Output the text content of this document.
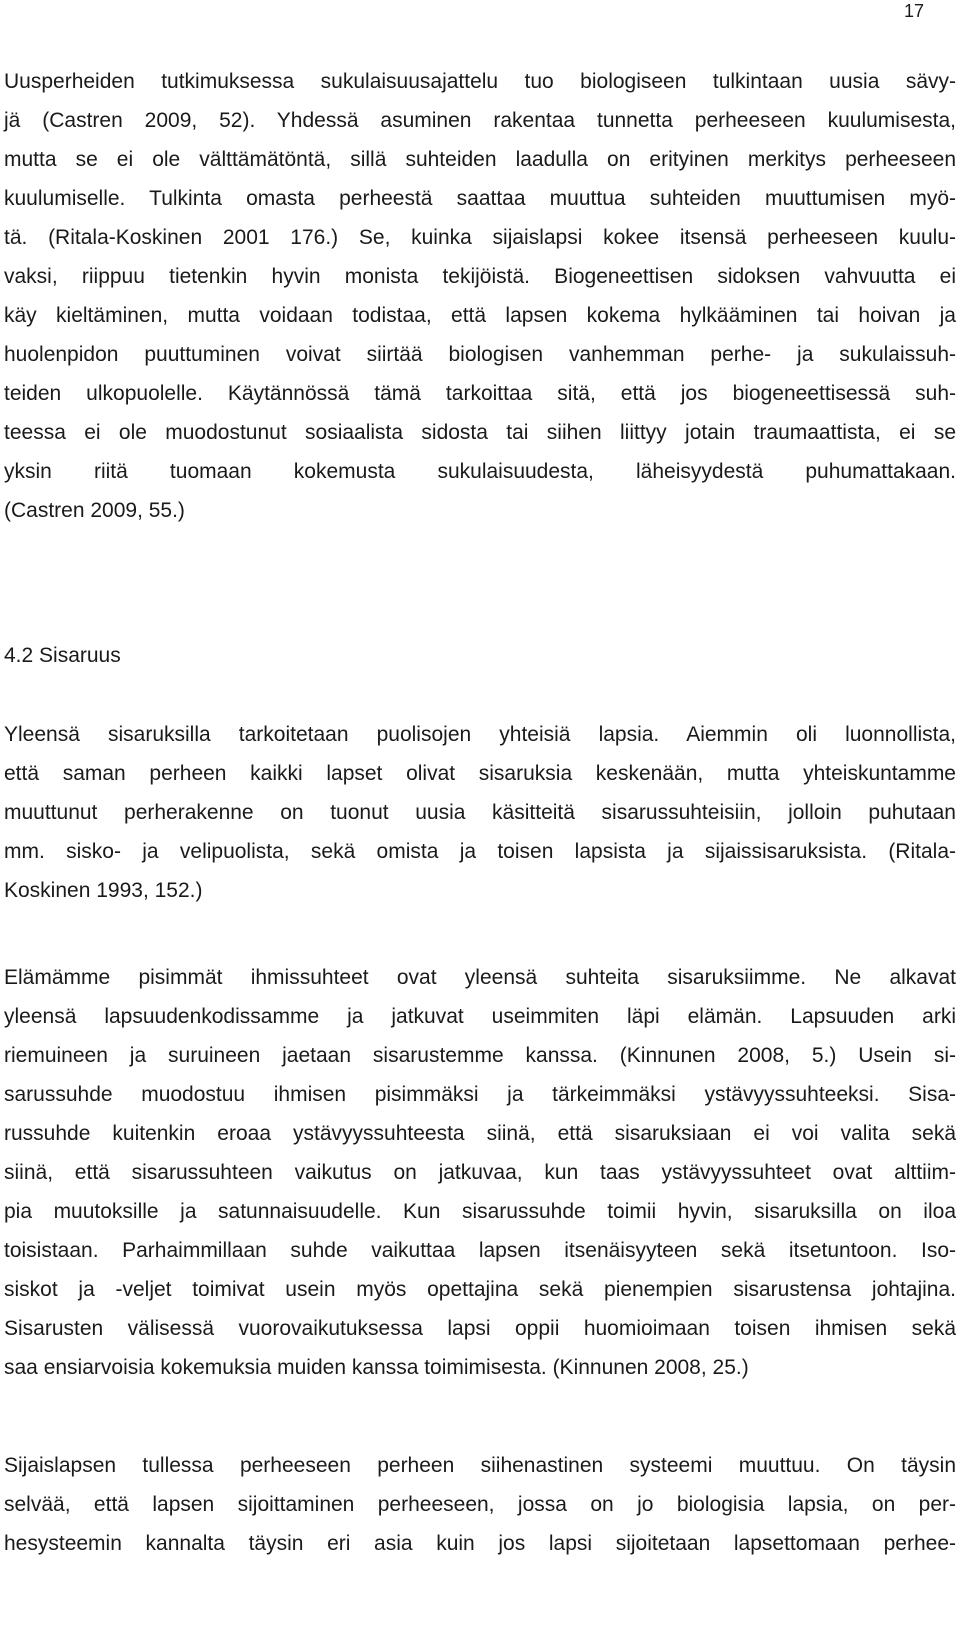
17

Uusperheiden tutkimuksessa sukulaisuusajattelu tuo biologiseen tulkintaan uusia sävy-
jä (Castren 2009, 52). Yhdessä asuminen rakentaa tunnetta perheeseen kuulumisesta,
mutta se ei ole välttämätöntä, sillä suhteiden laadulla on erityinen merkitys perheeseen
kuulumiselle. Tulkinta omasta perheestä saattaa muuttua suhteiden muuttumisen myö-
tä. (Ritala-Koskinen 2001 176.) Se, kuinka sijaislapsi kokee itsensä perheeseen kuulu-
vaksi, riippuu tietenkin hyvin monista tekijöistä. Biogeneettisen sidoksen vahvuutta ei
käy kieltäminen, mutta voidaan todistaa, että lapsen kokema hylkääminen tai hoivan ja
huolenpidon puuttuminen voivat siirtää biologisen vanhemman perhe- ja sukulaissuh-
teiden ulkopuolelle. Käytännössä tämä tarkoittaa sitä, että jos biogeneettisessä suh-
teessa ei ole muodostunut sosiaalista sidosta tai siihen liittyy jotain traumaattista, ei se
yksin riitä tuomaan kokemusta sukulaisuudesta, läheisyydestä puhumattakaan.
(Castren 2009, 55.)

4.2 Sisaruus

Yleensä sisaruksilla tarkoitetaan puolisojen yhteisiä lapsia. Aiemmin oli luonnollista,
että saman perheen kaikki lapset olivat sisaruksia keskenään, mutta yhteiskuntamme
muuttunut perherakenne on tuonut uusia käsitteitä sisarussuhteisiin, jolloin puhutaan
mm. sisko- ja velipuolista, sekä omista ja toisen lapsista ja sijaissisaruksista. (Ritala-
Koskinen 1993, 152.)

Elämämme pisimmät ihmissuhteet ovat yleensä suhteita sisaruksiimme. Ne alkavat
yleensä lapsuudenkodissamme ja jatkuvat useimmiten läpi elämän. Lapsuuden arki
riemuineen ja suruineen jaetaan sisarustemme kanssa. (Kinnunen 2008, 5.) Usein si-
sarussuhde muodostuu ihmisen pisimmäksi ja tärkeimmäksi ystävyyssuhteeksi. Sisa-
russuhde kuitenkin eroaa ystävyyssuhteesta siinä, että sisaruksiaan ei voi valita sekä
siinä, että sisarussuhteen vaikutus on jatkuvaa, kun taas ystävyyssuhteet ovat alttiim-
pia muutoksille ja satunnaisuudelle. Kun sisarussuhde toimii hyvin, sisaruksilla on iloa
toisistaan. Parhaimmillaan suhde vaikuttaa lapsen itsenäisyyteen sekä itsetuntoon. Iso-
siskot ja -veljet toimivat usein myös opettajina sekä pienempien sisarustensa johtajina.
Sisarusten välisessä vuorovaikutuksessa lapsi oppii huomioimaan toisen ihmisen sekä
saa ensiarvoisia kokemuksia muiden kanssa toimimisesta. (Kinnunen 2008, 25.)

Sijaislapsen tullessa perheeseen perheen siihenastinen systeemi muuttuu. On täysin
selvää, että lapsen sijoittaminen perheeseen, jossa on jo biologisia lapsia, on per-
hesysteemin kannalta täysin eri asia kuin jos lapsi sijoitetaan lapsettomaan perhee-
